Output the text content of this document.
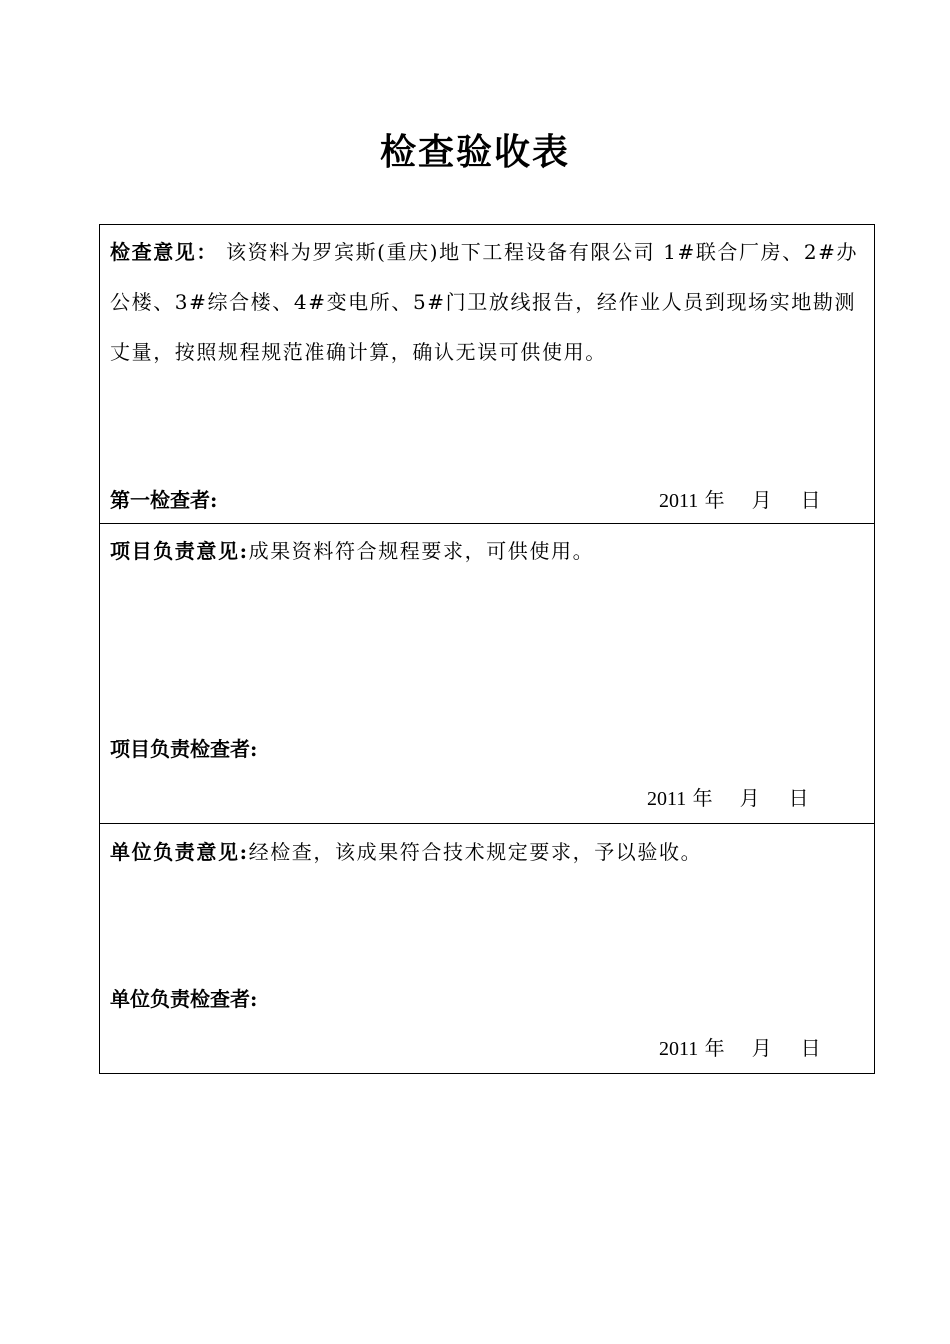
检查验收表
检查意见： 该资料为罗宾斯(重庆)地下工程设备有限公司 1#联合厂房、2#办公楼、3#综合楼、4#变电所、5#门卫放线报告，经作业人员到现场实地勘测丈量，按照规程规范准确计算，确认无误可供使用。
第一检查者:	2011 年 月 日
项目负责意见:成果资料符合规程要求，可供使用。
项目负责检查者:
2011 年 月 日
单位负责意见:经检查，该成果符合技术规定要求，予以验收。
单位负责检查者:
2011 年 月 日
